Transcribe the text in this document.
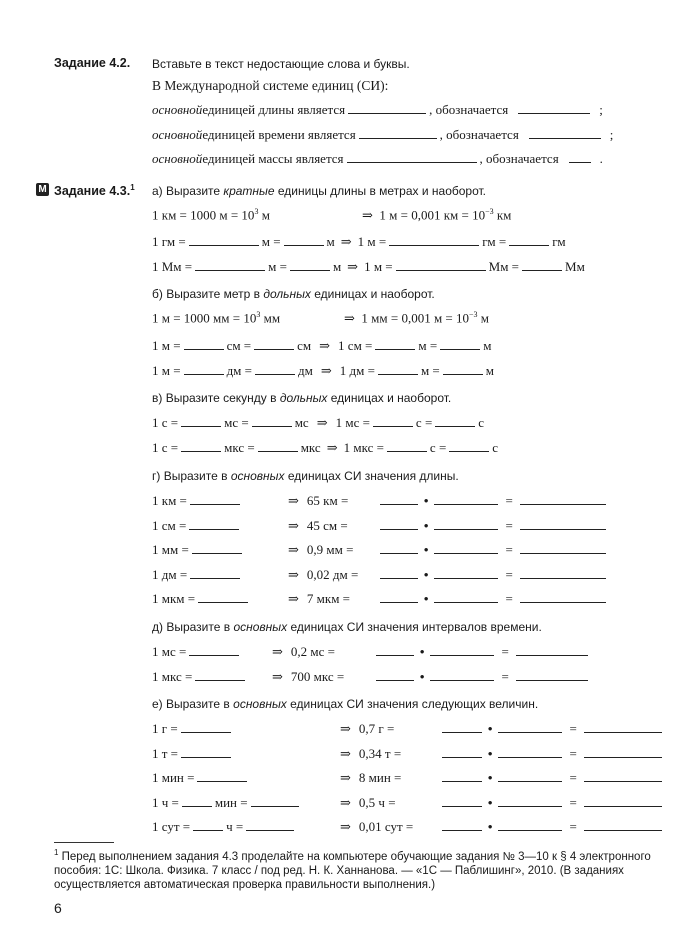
Задание 4.2. Вставьте в текст недостающие слова и буквы.
В Международной системе единиц (СИ):
основной единицей длины является	, обозначается	;
основной единицей времени является	, обозначается	;
основной единицей массы является	, обозначается	.
М Задание 4.3.$^1$ а) Выразите кратные единицы длины в метрах и наоборот.
1 км = 1000 $м = 10^3$ м	⇒ 1 м = 0,001 км = $10^{-3}$ км
1 гм =	м =	м ⇒ 1 м =	гм =	гм
1 Мм =	м =	м ⇒ 1 м =	Мм =	Мм
б) Выразите метр в дольных единицах и наоборот.
1 м = 1000 мм = $10^3$ мм	⇒ 1 мм = 0,001 $м = 10^{-3}$ м
1 м =	см =	см ⇒ 1 см =	м =	м
1 м =	дм =	дм ⇒ 1 дм =	м =	м
в) Выразите секунду в дольных единицах и наоборот.
1 с =	мс =	мс ⇒ 1 мс =	с =	с
1 с =	мкс =	мкс ⇒ 1 мкс =	с =	с
г) Выразите в основных единицах СИ значения длины.
1 км =	⇒ 65 км =	•	=
1 см =	⇒ 45 см =	•	=
1 мм =	⇒ 0,9 мм =	•	=
1 дм =	⇒ 0,02 дм =	•	=
1 мкм =	⇒ 7 мкм =	•	=
д) Выразите в основных единицах СИ значения интервалов времени.
1 мс =	⇒ 0,2 мс =	•	=
1 мкс =	⇒ 700 мкс =	•	=
е) Выразите в основных единицах СИ значения следующих величин.
1 г =	⇒ 0,7 г =	•	=
1 т =	⇒ 0,34 т =	•	=
1 мин =	⇒ 8 мин =	•	=
1 ч =	мин =	⇒ 0,5 ч =	•	=
1 сут =	ч =	⇒ 0,01 сут =	•	=
$^1$ Перед выполнением задания 4.3 проделайте на компьютере обучающие задания № 3—10 к § 4 электронного пособия: 1С: Школа. Физика. 7 класс / под ред. Н. К. Ханнанова. — «1С — Паблишинг», 2010. (В заданиях осуществляется автоматическая проверка правильности выполнения.)
6
